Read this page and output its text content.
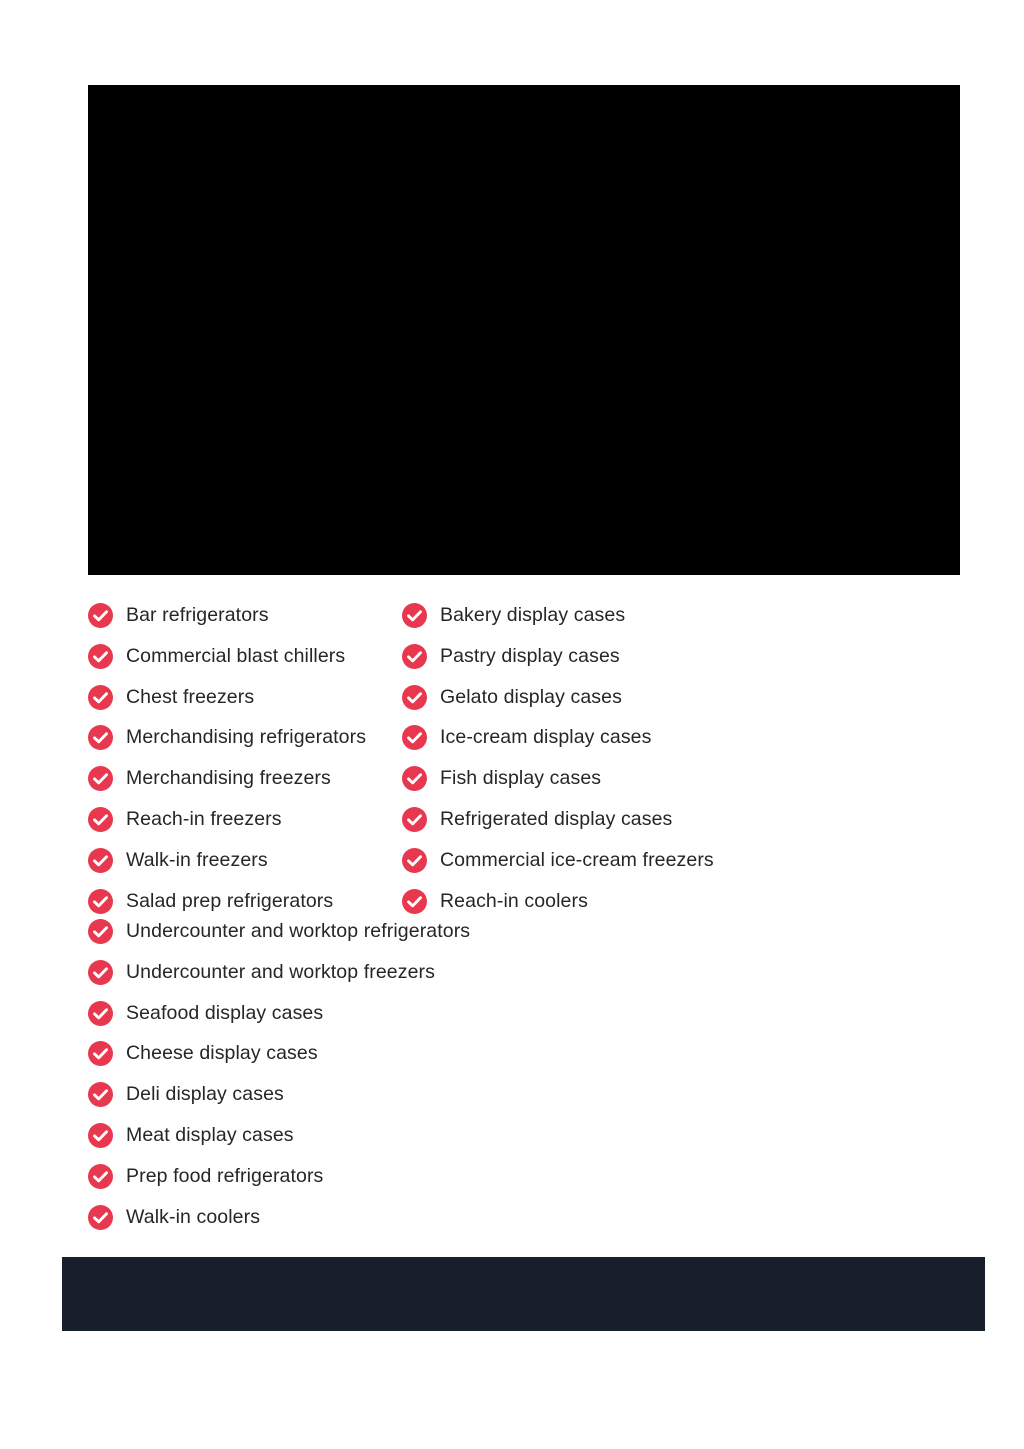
Bar refrigerators
Commercial blast chillers
Chest freezers
Merchandising refrigerators
Merchandising freezers
Reach-in freezers
Walk-in freezers
Salad prep refrigerators
Bakery display cases
Pastry display cases
Gelato display cases
Ice-cream display cases
Fish display cases
Refrigerated display cases
Commercial ice-cream freezers
Reach-in coolers
Undercounter and worktop refrigerators
Undercounter and worktop freezers
Seafood display cases
Cheese display cases
Deli display cases
Meat display cases
Prep food refrigerators
Walk-in coolers
